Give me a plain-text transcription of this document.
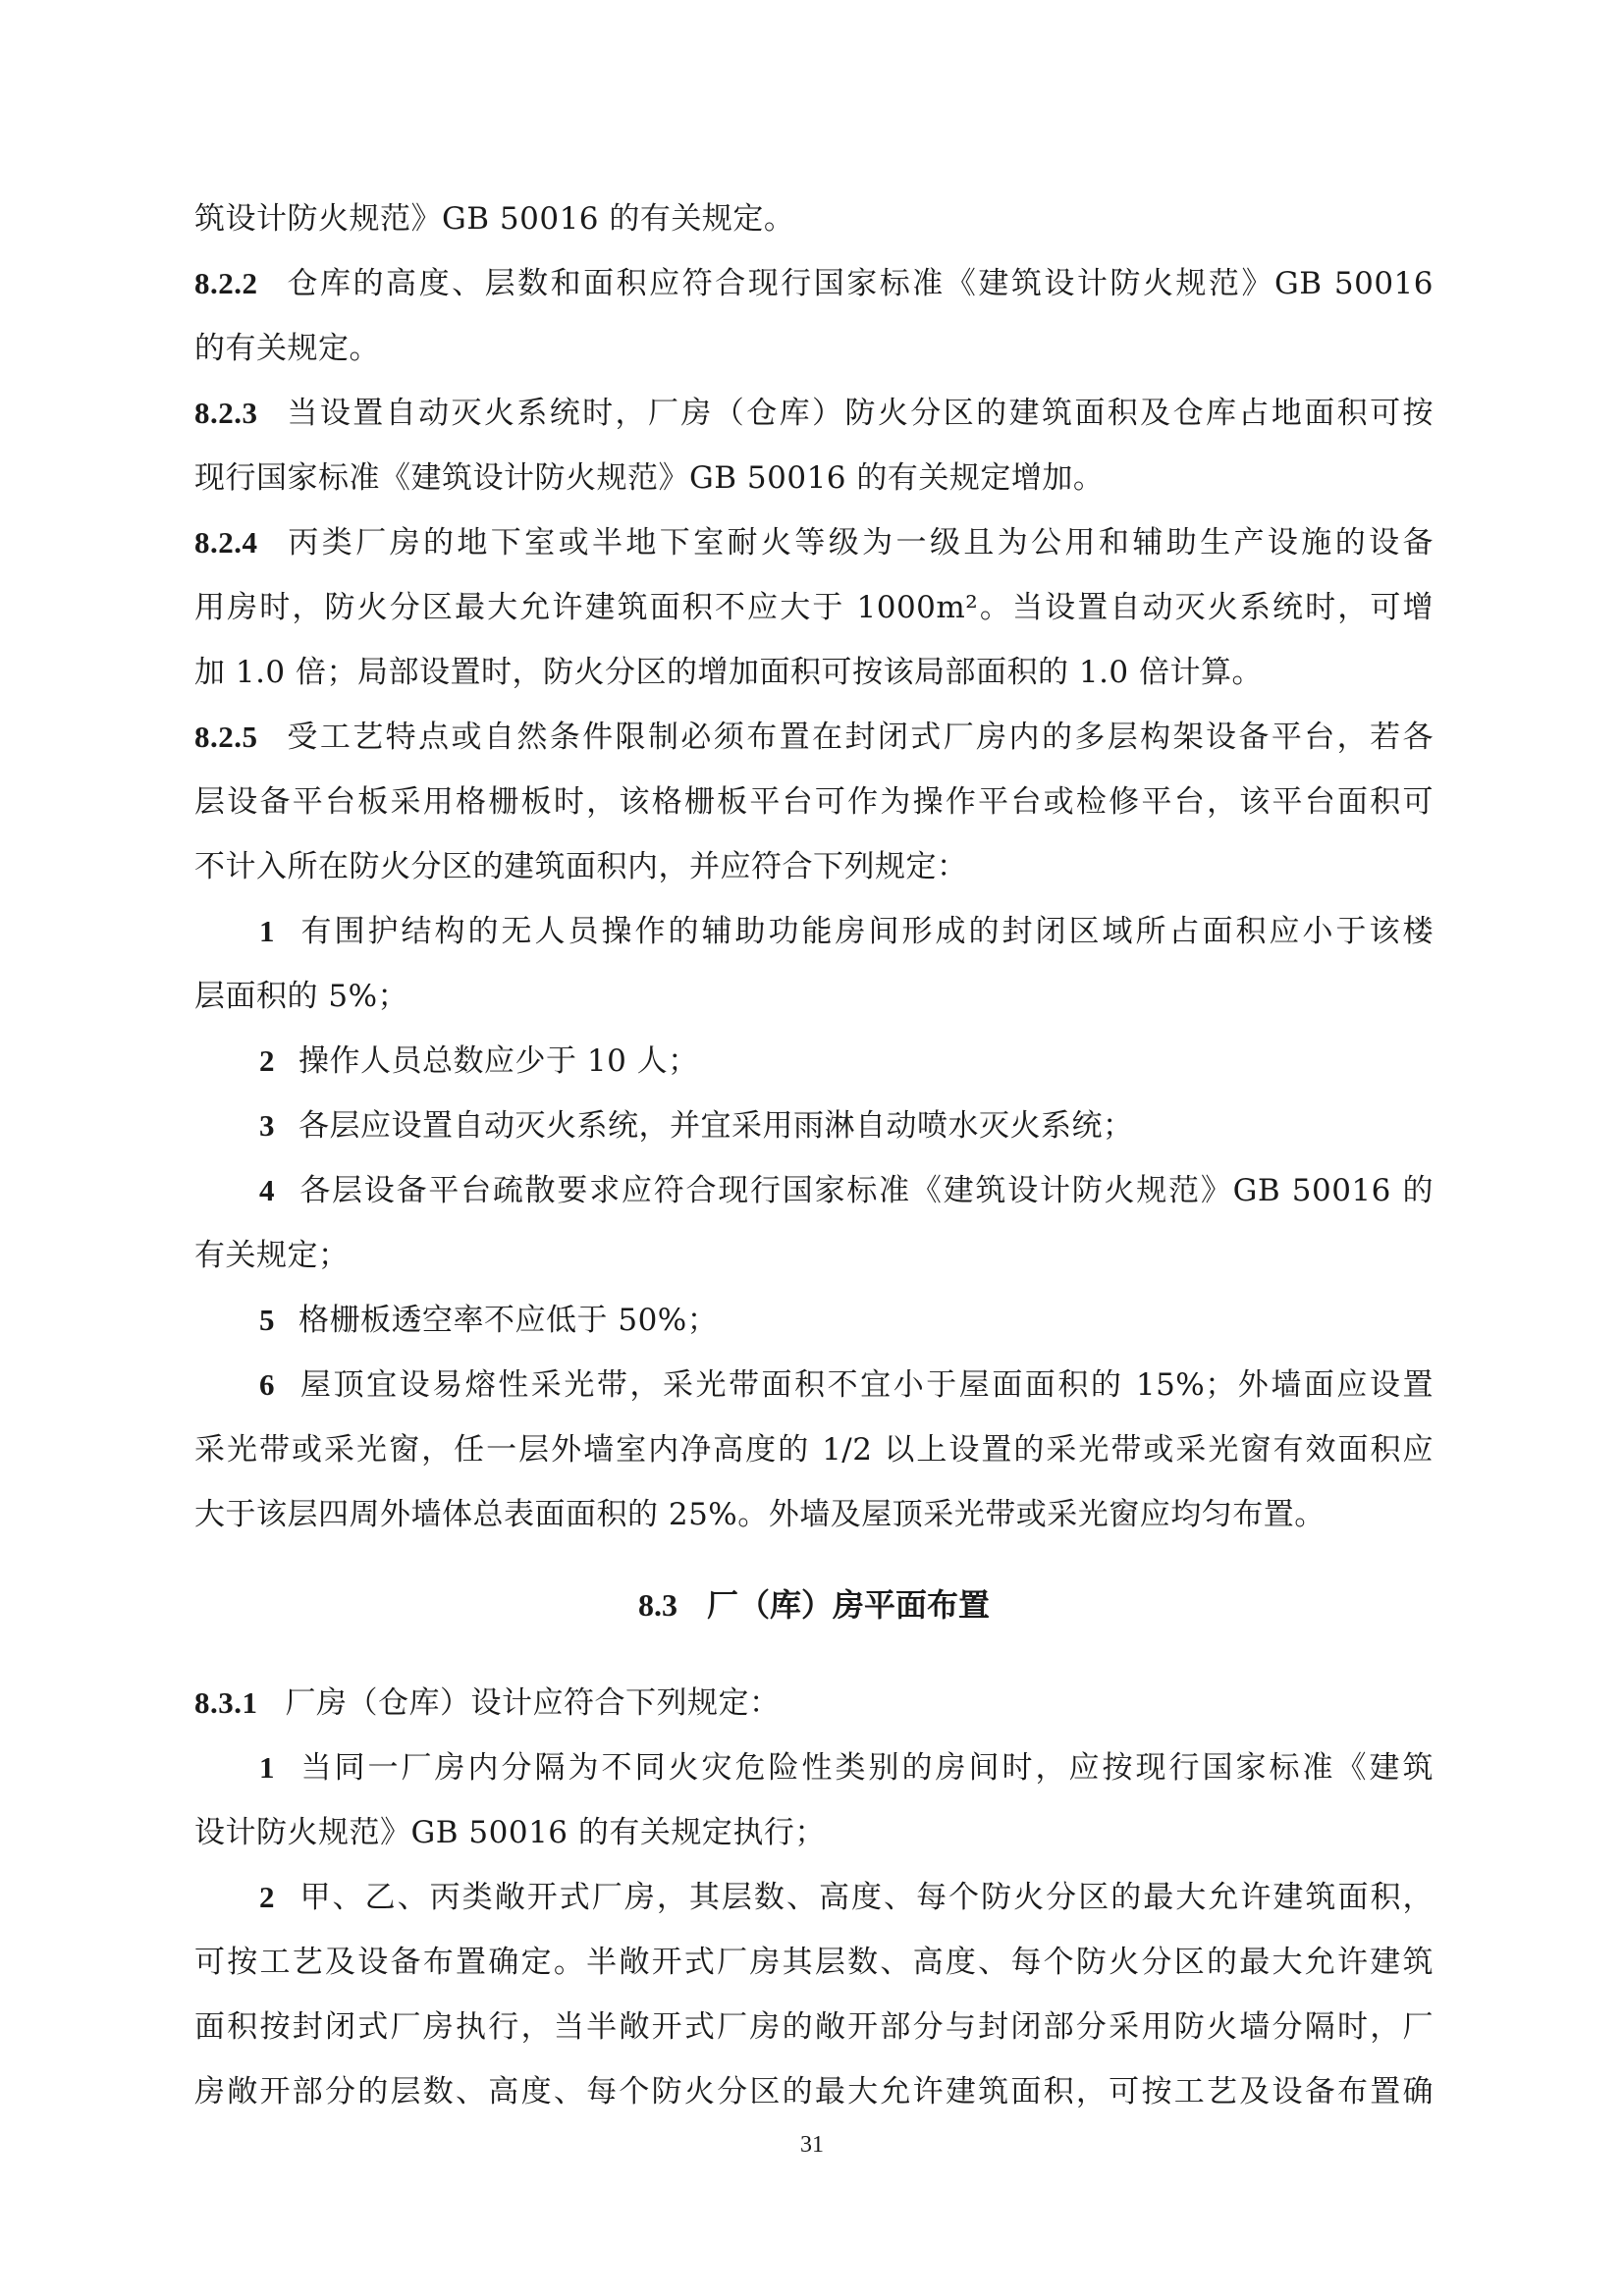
筑设计防火规范》GB 50016 的有关规定。
8.2.2 仓库的高度、层数和面积应符合现行国家标准《建筑设计防火规范》GB 50016
的有关规定。
8.2.3 当设置自动灭火系统时，厂房（仓库）防火分区的建筑面积及仓库占地面积可按
现行国家标准《建筑设计防火规范》GB 50016 的有关规定增加。
8.2.4 丙类厂房的地下室或半地下室耐火等级为一级且为公用和辅助生产设施的设备
用房时，防火分区最大允许建筑面积不应大于 1000m²。当设置自动灭火系统时，可增
加 1.0 倍；局部设置时，防火分区的增加面积可按该局部面积的 1.0 倍计算。
8.2.5 受工艺特点或自然条件限制必须布置在封闭式厂房内的多层构架设备平台，若各
层设备平台板采用格栅板时，该格栅板平台可作为操作平台或检修平台，该平台面积可
不计入所在防火分区的建筑面积内，并应符合下列规定：
1 有围护结构的无人员操作的辅助功能房间形成的封闭区域所占面积应小于该楼
层面积的 5%；
2 操作人员总数应少于 10 人；
3 各层应设置自动灭火系统，并宜采用雨淋自动喷水灭火系统；
4 各层设备平台疏散要求应符合现行国家标准《建筑设计防火规范》GB 50016 的
有关规定；
5 格栅板透空率不应低于 50%；
6 屋顶宜设易熔性采光带，采光带面积不宜小于屋面面积的 15%；外墙面应设置
采光带或采光窗，任一层外墙室内净高度的 1/2 以上设置的采光带或采光窗有效面积应
大于该层四周外墙体总表面面积的 25%。外墙及屋顶采光带或采光窗应均匀布置。
8.3 厂（库）房平面布置
8.3.1 厂房（仓库）设计应符合下列规定：
1 当同一厂房内分隔为不同火灾危险性类别的房间时，应按现行国家标准《建筑
设计防火规范》GB 50016 的有关规定执行；
2 甲、乙、丙类敞开式厂房，其层数、高度、每个防火分区的最大允许建筑面积，
可按工艺及设备布置确定。半敞开式厂房其层数、高度、每个防火分区的最大允许建筑
面积按封闭式厂房执行，当半敞开式厂房的敞开部分与封闭部分采用防火墙分隔时，厂
房敞开部分的层数、高度、每个防火分区的最大允许建筑面积，可按工艺及设备布置确
31
